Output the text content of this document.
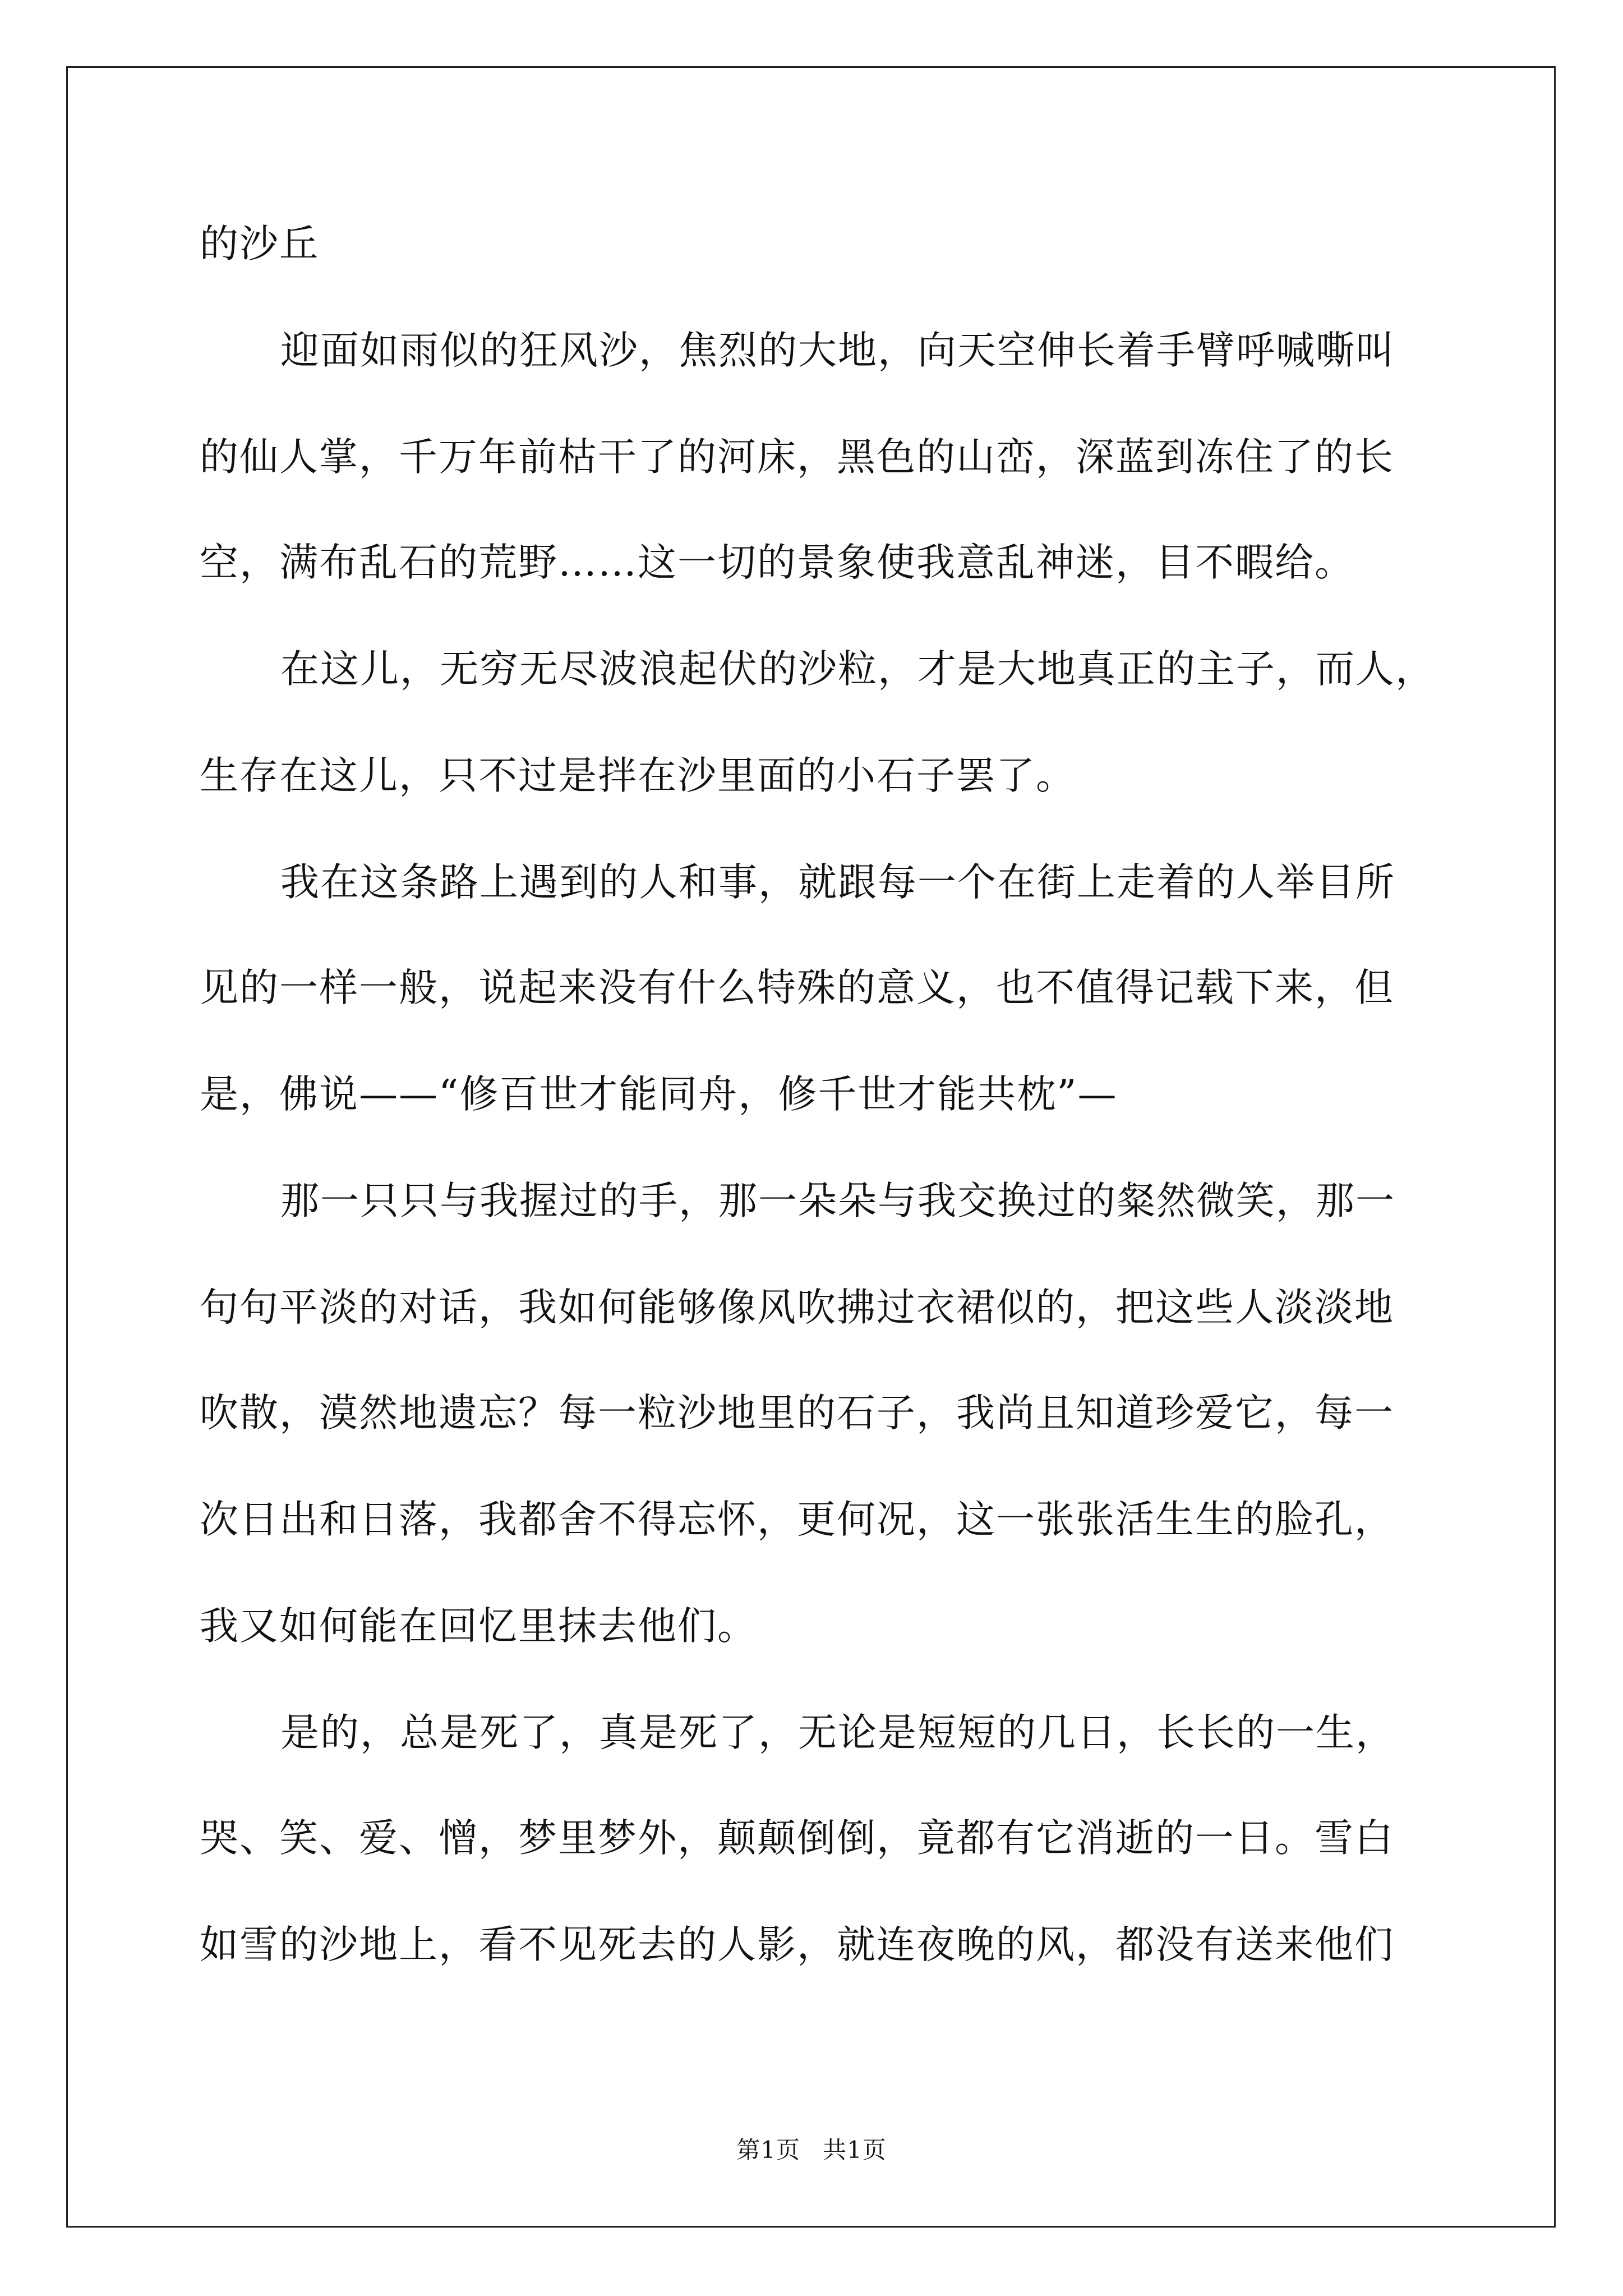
的沙丘
迎面如雨似的狂风沙，焦烈的大地，向天空伸长着手臂呼喊嘶叫
的仙人掌，千万年前枯干了的河床，黑色的山峦，深蓝到冻住了的长
空，满布乱石的荒野……这一切的景象使我意乱神迷，目不暇给。
在这儿，无穷无尽波浪起伏的沙粒，才是大地真正的主子，而人，
生存在这儿，只不过是拌在沙里面的小石子罢了。
我在这条路上遇到的人和事，就跟每一个在街上走着的人举目所
见的一样一般，说起来没有什么特殊的意义，也不值得记载下来，但
是，佛说——“修百世才能同舟，修千世才能共枕”—
那一只只与我握过的手，那一朵朵与我交换过的粲然微笑，那一
句句平淡的对话，我如何能够像风吹拂过衣裙似的，把这些人淡淡地
吹散，漠然地遗忘？每一粒沙地里的石子，我尚且知道珍爱它，每一
次日出和日落，我都舍不得忘怀，更何况，这一张张活生生的脸孔，
我又如何能在回忆里抹去他们。
是的，总是死了，真是死了，无论是短短的几日，长长的一生，
哭、笑、爱、憎，梦里梦外，颠颠倒倒，竟都有它消逝的一日。雪白
如雪的沙地上，看不见死去的人影，就连夜晚的风，都没有送来他们
第1页 共1页
